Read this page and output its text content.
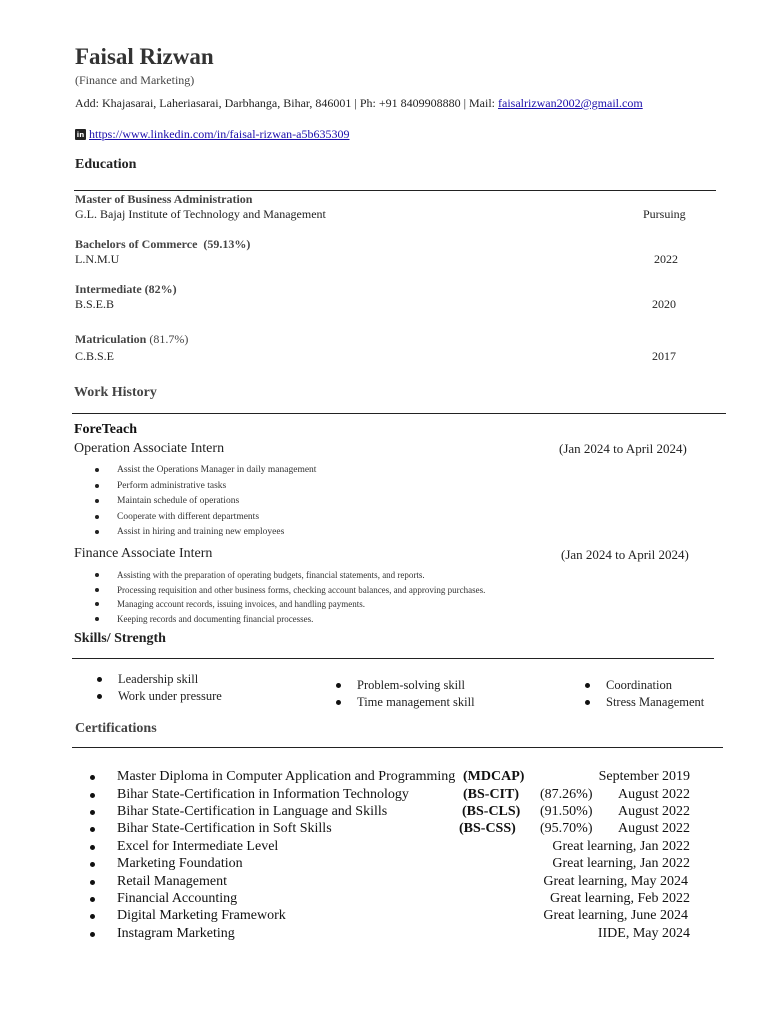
Faisal Rizwan
(Finance and Marketing)
Add: Khajasarai, Laheriasarai, Darbhanga, Bihar, 846001 | Ph: +91 8409908880 | Mail: faisalrizwan2002@gmail.com
in https://www.linkedin.com/in/faisal-rizwan-a5b635309
Education
Master of Business Administration
G.L. Bajaj Institute of Technology and Management	Pursuing
Bachelors of Commerce (59.13%)
L.N.M.U	2022
Intermediate (82%)
B.S.E.B	2020
Matriculation (81.7%)
C.B.S.E	2017
Work History
ForeTeach
Operation Associate Intern	(Jan 2024 to April 2024)
Assist the Operations Manager in daily management
Perform administrative tasks
Maintain schedule of operations
Cooperate with different departments
Assist in hiring and training new employees
Finance Associate Intern	(Jan 2024 to April 2024)
Assisting with the preparation of operating budgets, financial statements, and reports.
Processing requisition and other business forms, checking account balances, and approving purchases.
Managing account records, issuing invoices, and handling payments.
Keeping records and documenting financial processes.
Skills/ Strength
Leadership skill
Work under pressure
Problem-solving skill
Time management skill
Coordination
Stress Management
Certifications
Master Diploma in Computer Application and Programming (MDCAP)	September 2019
Bihar State-Certification in Information Technology	(BS-CIT) (87.26%) August 2022
Bihar State-Certification in Language and Skills	(BS-CLS) (91.50%) August 2022
Bihar State-Certification in Soft Skills	(BS-CSS) (95.70%) August 2022
Excel for Intermediate Level	Great learning, Jan 2022
Marketing Foundation	Great learning, Jan 2022
Retail Management	Great learning, May 2024
Financial Accounting	Great learning, Feb 2022
Digital Marketing Framework	Great learning, June 2024
Instagram Marketing	IIDE, May 2024
